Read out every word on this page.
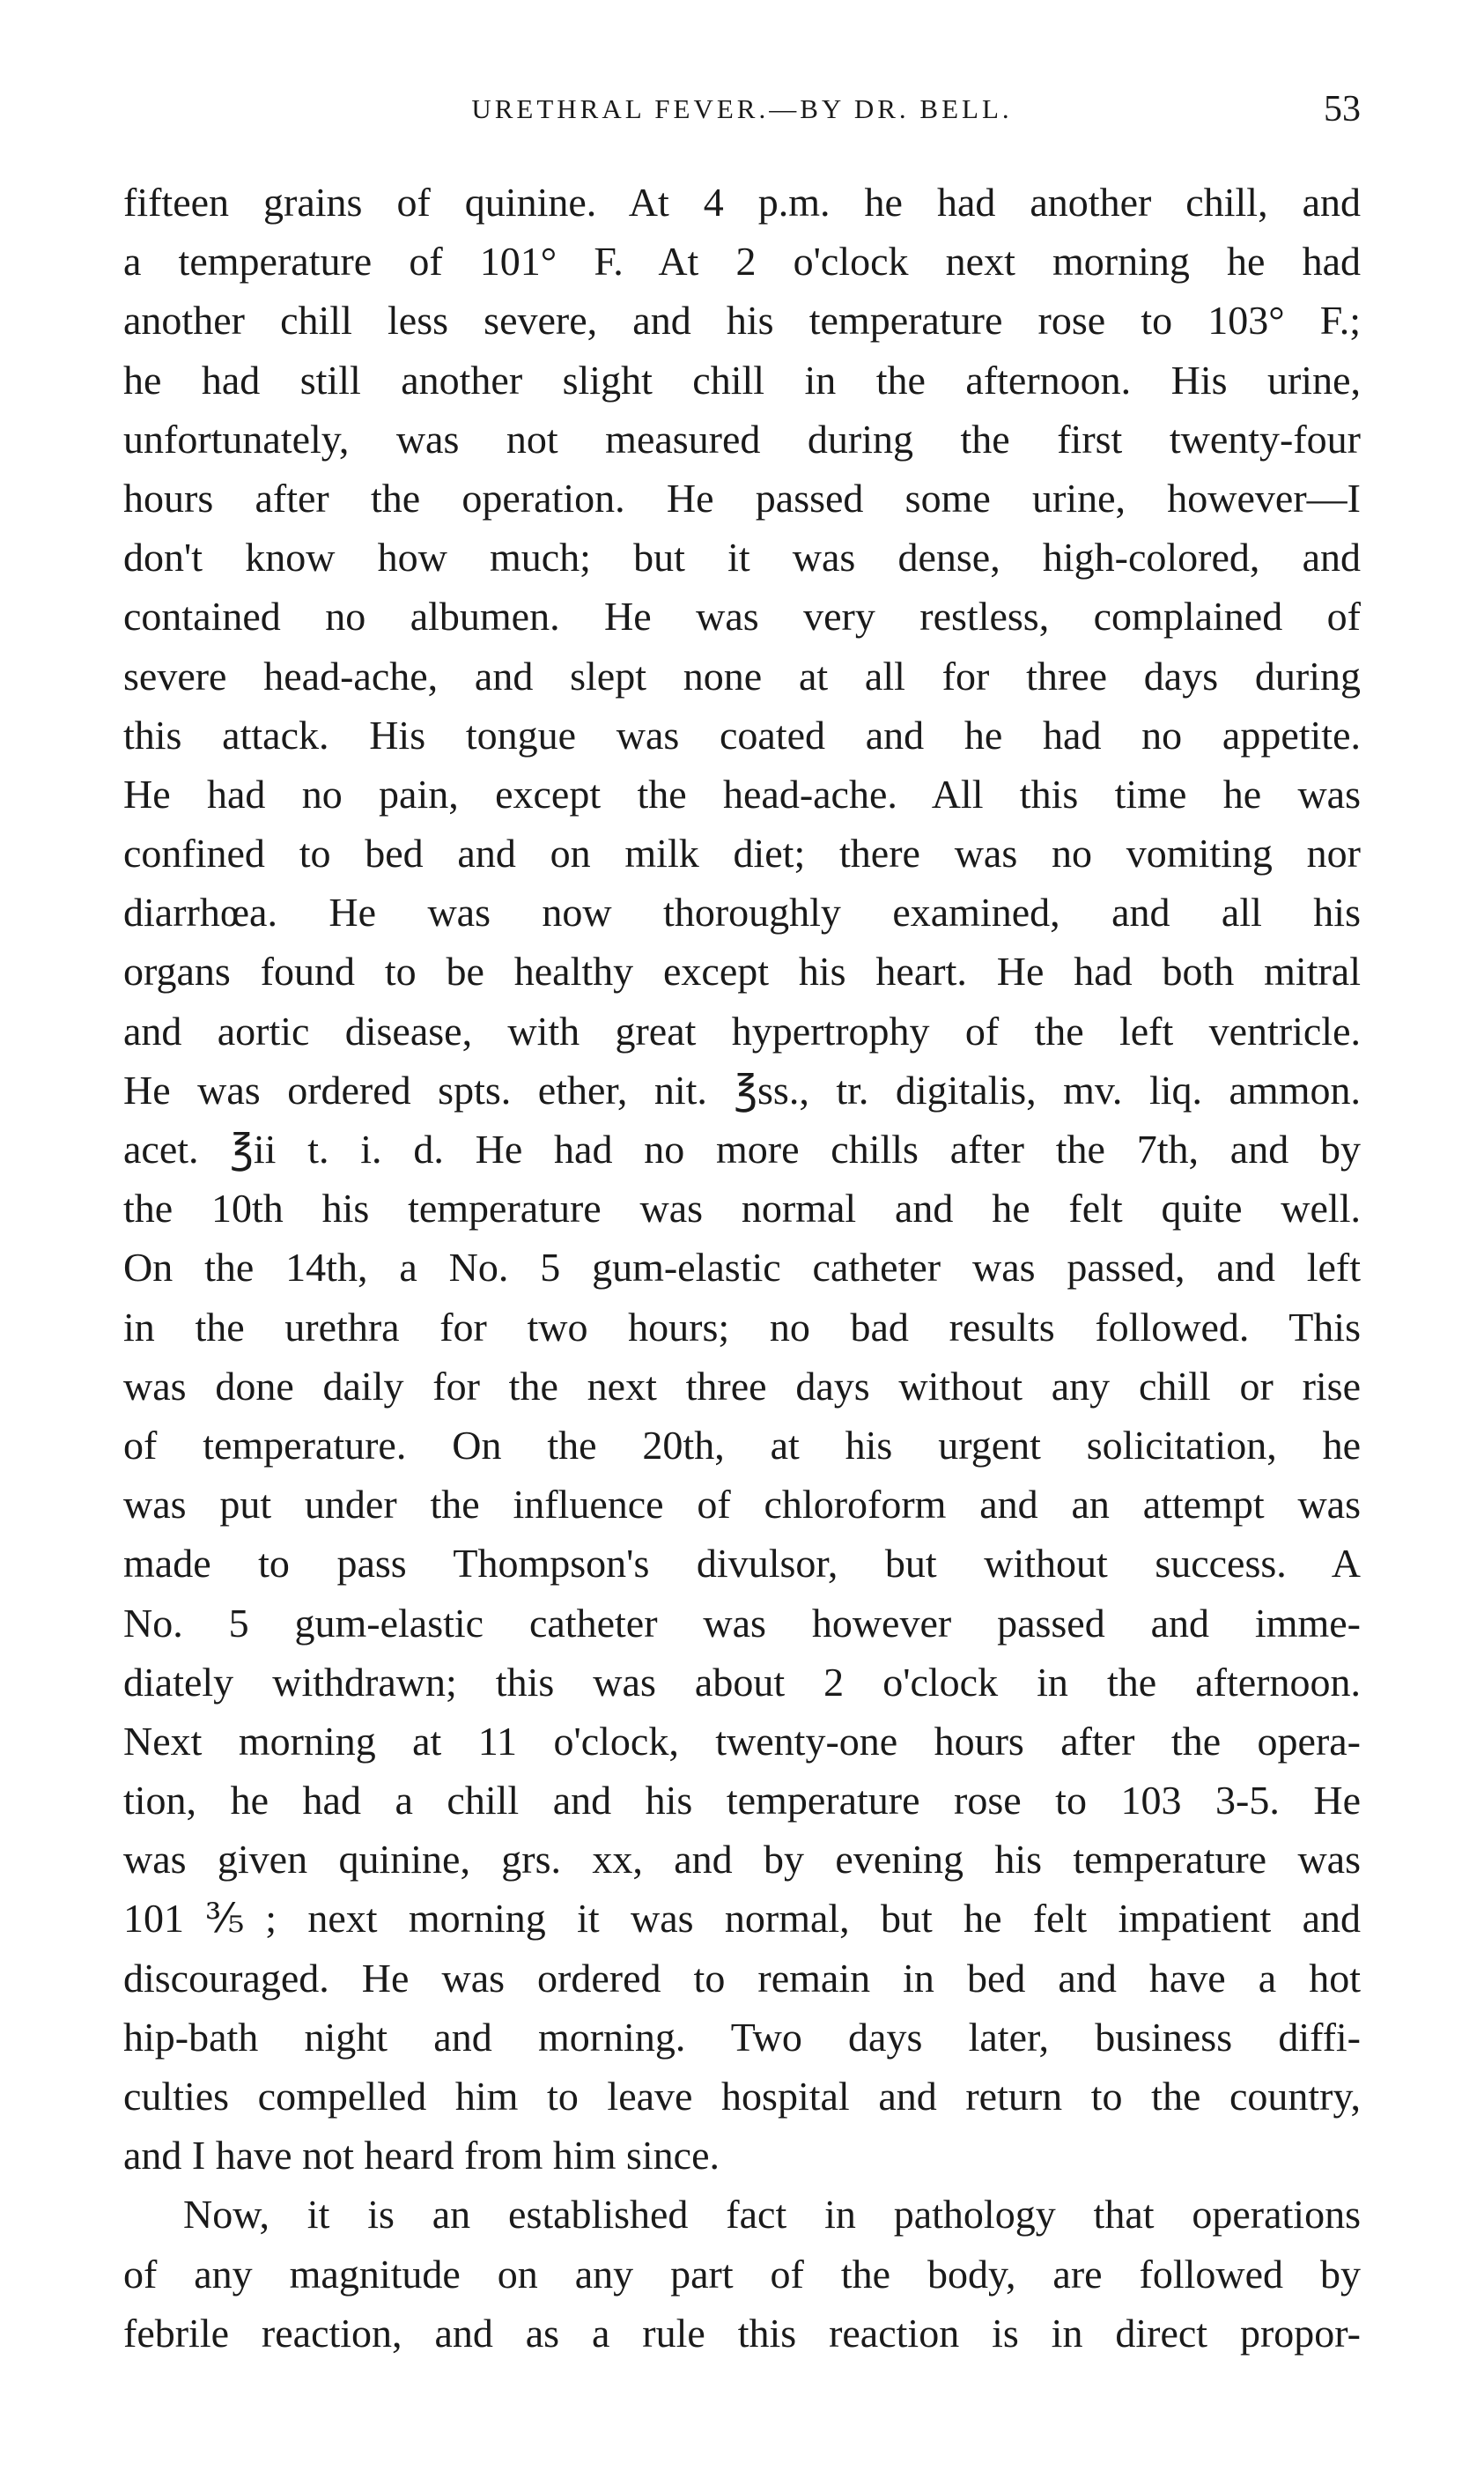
URETHRAL FEVER.—BY DR. BELL.	53
fifteen grains of quinine. At 4 p.m. he had another chill, and
a temperature of 101° F. At 2 o'clock next morning he had
another chill less severe, and his temperature rose to 103° F.;
he had still another slight chill in the afternoon. His urine,
unfortunately, was not measured during the first twenty-four
hours after the operation. He passed some urine, however—I
don't know how much; but it was dense, high-colored, and
contained no albumen. He was very restless, complained of
severe head-ache, and slept none at all for three days during
this attack. His tongue was coated and he had no appetite.
He had no pain, except the head-ache. All this time he was
confined to bed and on milk diet; there was no vomiting nor
diarrhœa. He was now thoroughly examined, and all his
organs found to be healthy except his heart. He had both mitral
and aortic disease, with great hypertrophy of the left ventricle.
He was ordered spts. ether, nit. ℥ss., tr. digitalis, mv. liq. ammon.
acet. ℥ii t. i. d. He had no more chills after the 7th, and by
the 10th his temperature was normal and he felt quite well.
On the 14th, a No. 5 gum-elastic catheter was passed, and left
in the urethra for two hours; no bad results followed. This
was done daily for the next three days without any chill or rise
of temperature. On the 20th, at his urgent solicitation, he
was put under the influence of chloroform and an attempt was
made to pass Thompson's divulsor, but without success. A
No. 5 gum-elastic catheter was however passed and imme-
diately withdrawn; this was about 2 o'clock in the afternoon.
Next morning at 11 o'clock, twenty-one hours after the opera-
tion, he had a chill and his temperature rose to 103 3-5. He
was given quinine, grs. xx, and by evening his temperature was
101⅗; next morning it was normal, but he felt impatient and
discouraged. He was ordered to remain in bed and have a hot
hip-bath night and morning. Two days later, business diffi-
culties compelled him to leave hospital and return to the country,
and I have not heard from him since.
Now, it is an established fact in pathology that operations
of any magnitude on any part of the body, are followed by
febrile reaction, and as a rule this reaction is in direct propor-
